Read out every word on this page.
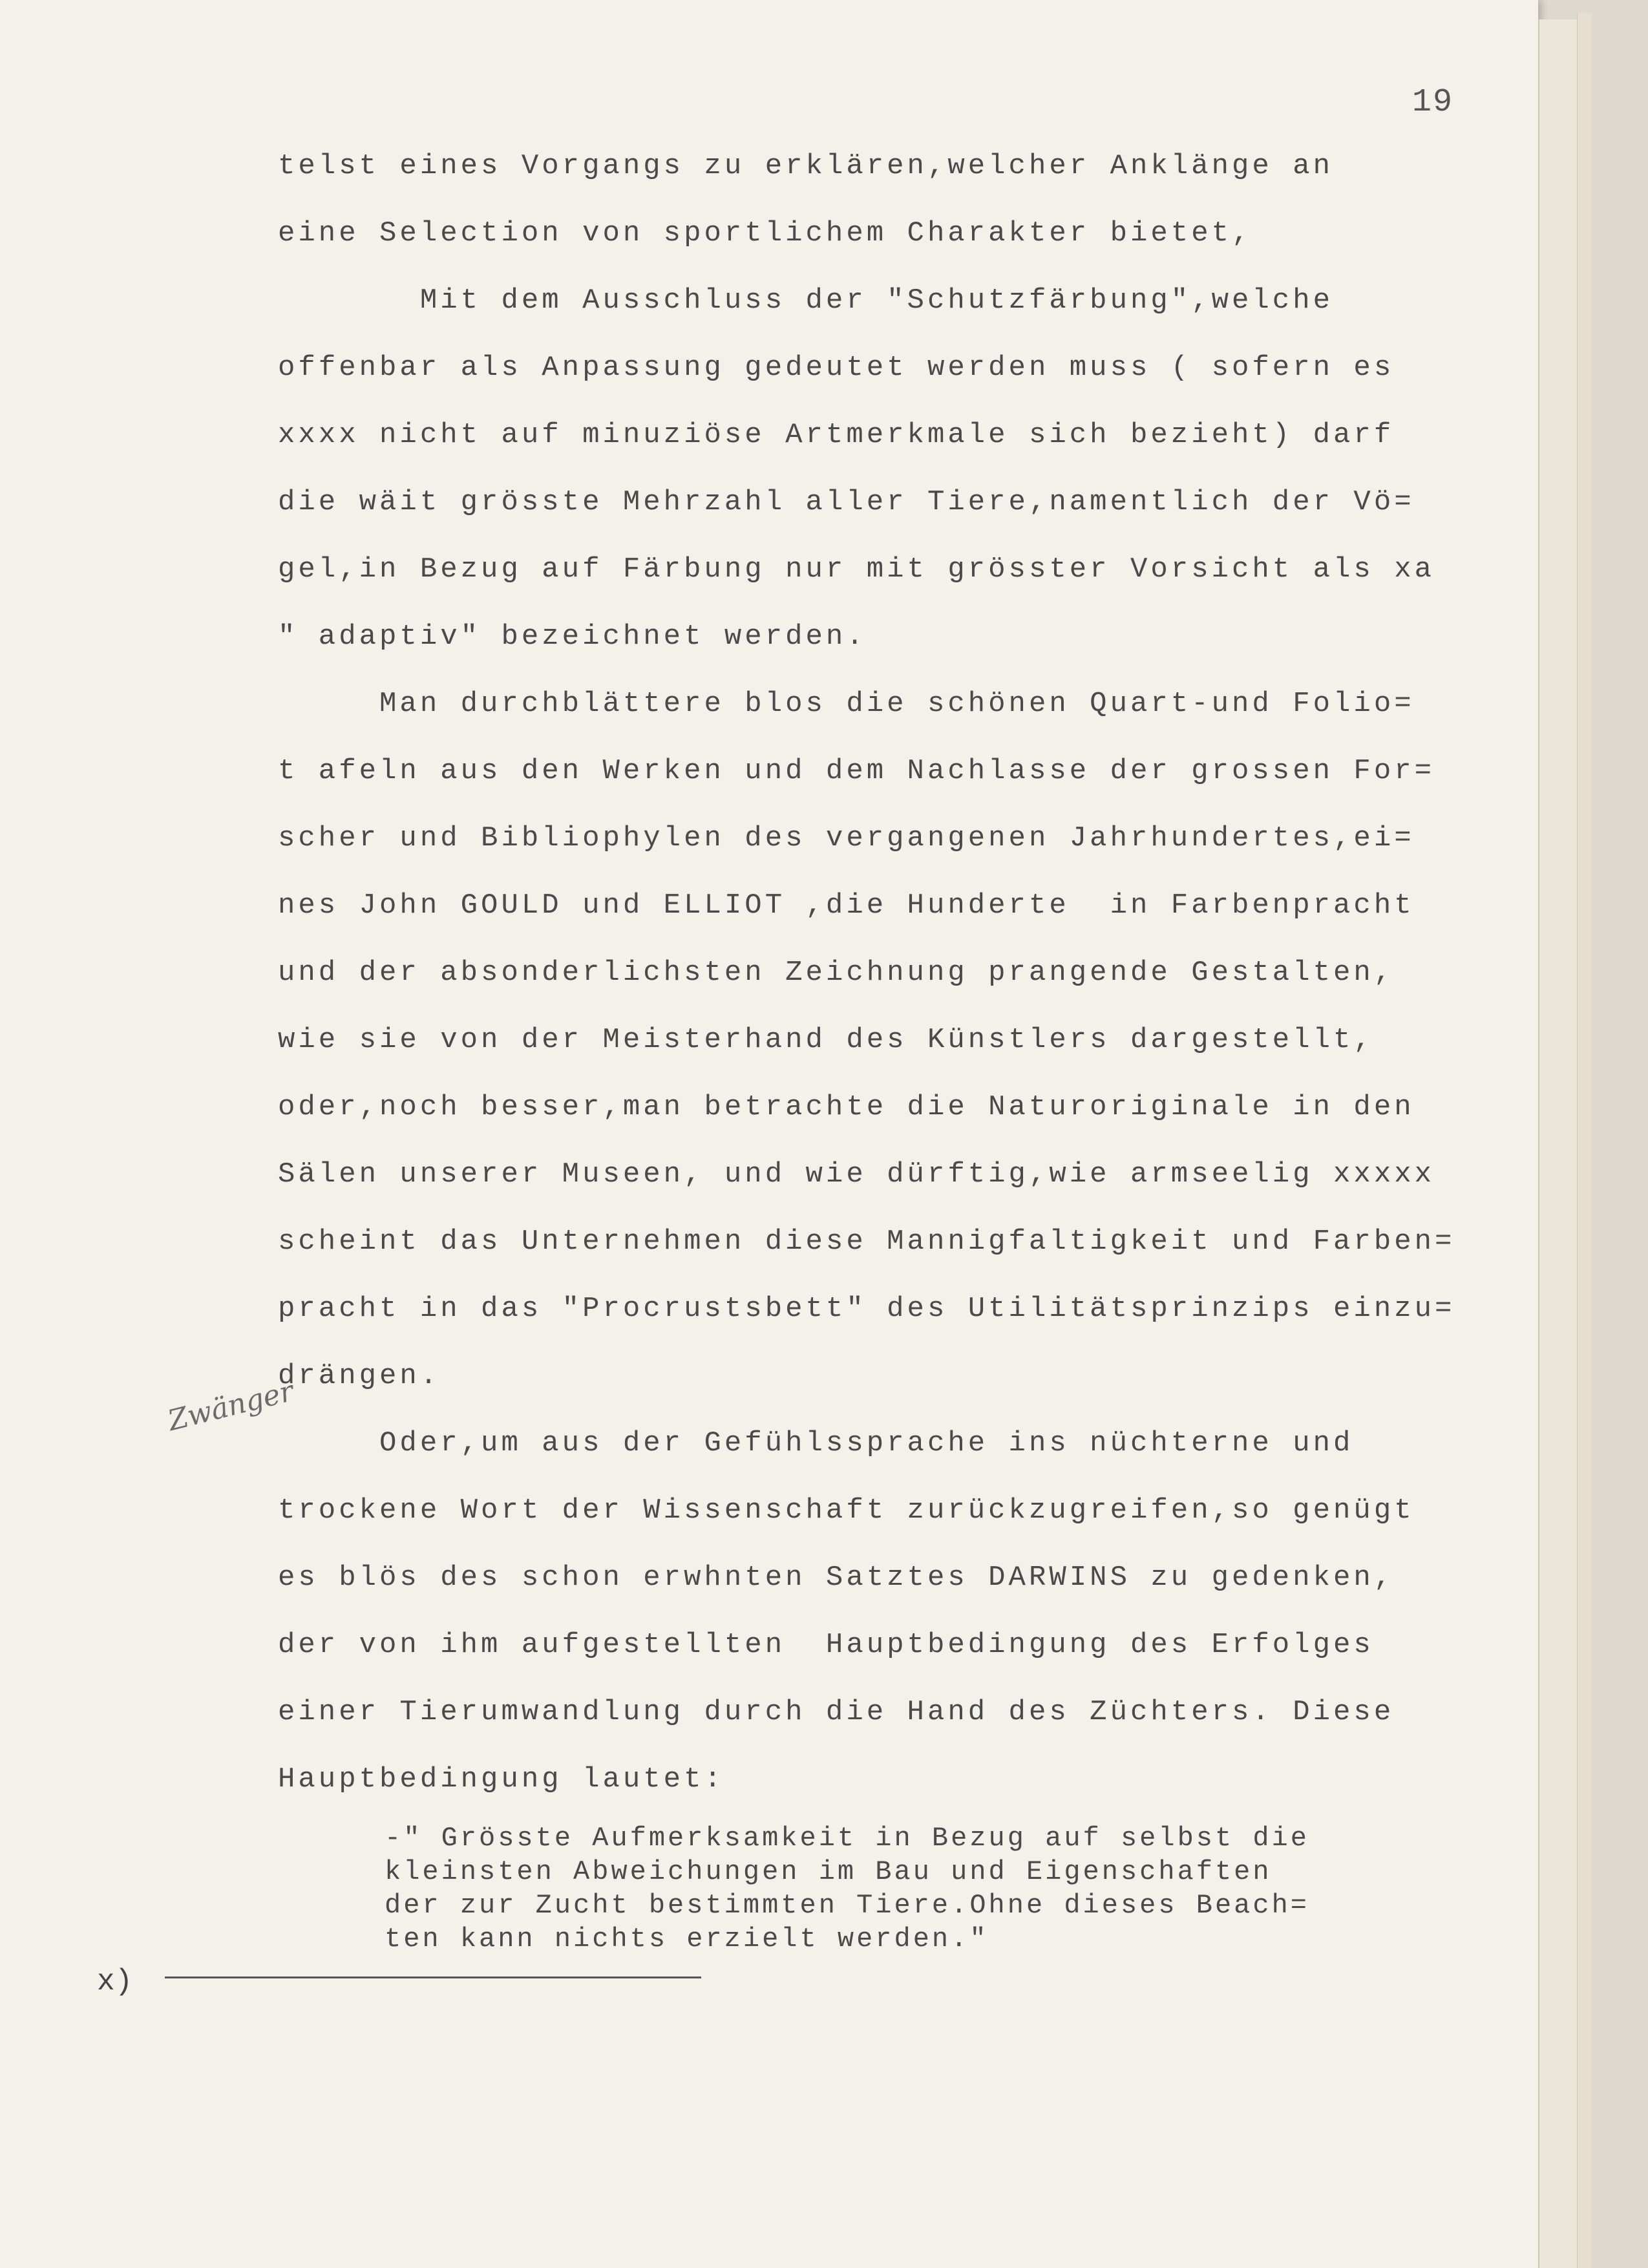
19
telst eines Vorgangs zu erklären,welcher Anklänge an
eine Selection von sportlichem Charakter bietet,
Mit dem Ausschluss der "Schutzfärbung",welche
offenbar als Anpassung gedeutet werden muss ( sofern es
xxxx nicht auf minuziöse Artmerkmale sich bezieht) darf
die wäit grösste Mehrzahl aller Tiere,namentlich der Vö=
gel,in Bezug auf Färbung nur mit grösster Vorsicht als xa
" adaptiv" bezeichnet werden.
Man durchblättere blos die schönen Quart-und Folio=
t afeln aus den Werken und dem Nachlasse der grossen For=
scher und Bibliophylen des vergangenen Jahrhundertes,ei=
nes John GOULD und ELLIOT ,die Hunderte  in Farbenpracht
und der absonderlichsten Zeichnung prangende Gestalten,
wie sie von der Meisterhand des Künstlers dargestellt,
oder,noch besser,man betrachte die Naturoriginale in den
Sälen unserer Museen, und wie dürftig,wie armseelig xxxxx
scheint das Unternehmen diese Mannigfaltigkeit und Farben=
pracht in das "Procrustsbett" des Utilitätsprinzips einzu=
drängen.
Oder,um aus der Gefühlssprache ins nüchterne und
trockene Wort der Wissenschaft zurückzugreifen,so genügt
es blös des schon erwhnten Satztes DARWINS zu gedenken,
der von ihm aufgestellten  Hauptbedingung des Erfolges
einer Tierumwandlung durch die Hand des Züchters. Diese
Hauptbedingung lautet:
-" Grösste Aufmerksamkeit in Bezug auf selbst die
kleinsten Abweichungen im Bau und Eigenschaften
der zur Zucht bestimmten Tiere.Ohne dieses Beach=
ten kann nichts erzielt werden."
Zwänger
x)
